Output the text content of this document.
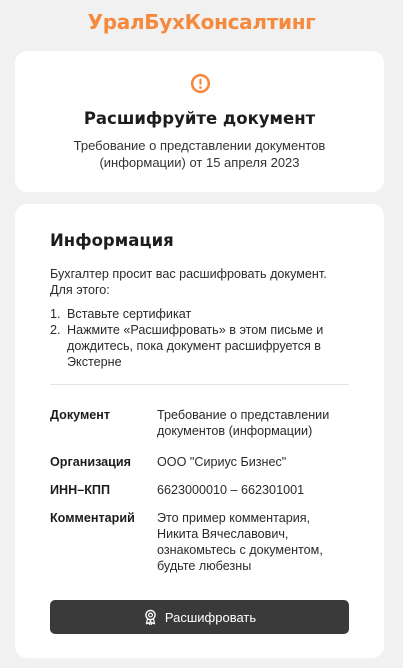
УралБухКонсалтинг
Расшифруйте документ
Требование о представлении документов (информации) от 15 апреля 2023
Информация
Бухгалтер просит вас расшифровать документ. Для этого:
1. Вставьте сертификат
2. Нажмите «Расшифровать» в этом письме и дождитесь, пока документ расшифруется в Экстерне
Документ	Требование о представлении документов (информации)
Организация ООО "Сириус Бизнес"
ИНН–КПП	6623000010 – 662301001
Комментарий Это пример комментария, Никита Вячеславович, ознакомьтесь с документом, будьте любезны
Расшифровать
